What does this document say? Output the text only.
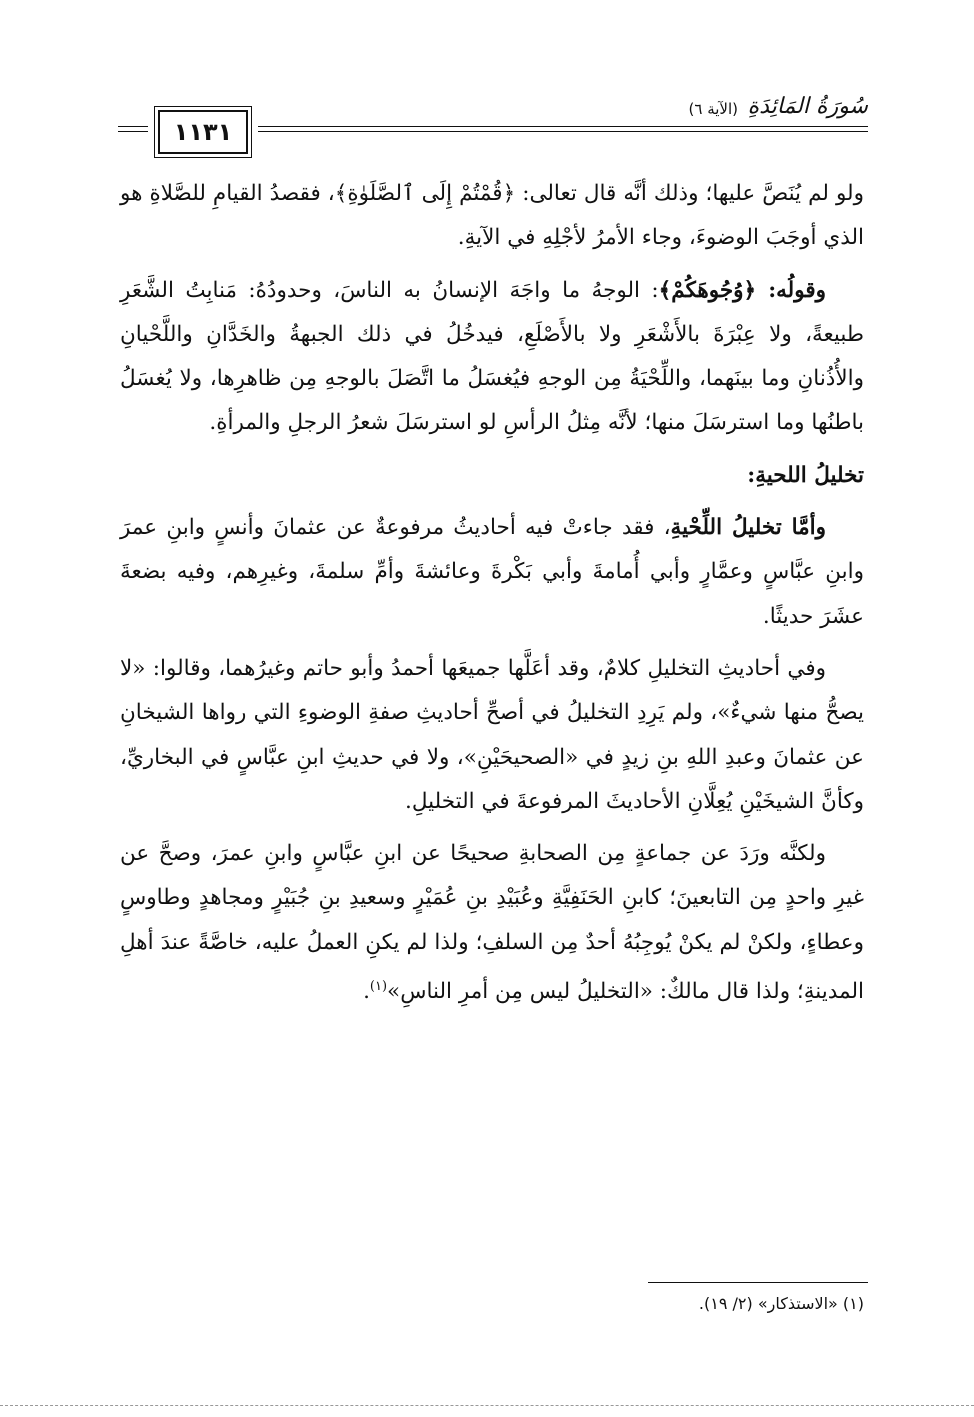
١١٣١
سُورَةُ المَائِدَةِ
(الآية ٦)

ولو لم يُنَصَّ عليها؛ وذلك أنَّه قال تعالى: ﴿قُمْتُمْ إِلَى ٱلصَّلَوٰةِ﴾، فقصدُ القيامِ للصَّلاةِ هو الذي أوجَبَ الوضوءَ، وجاء الأمرُ لأجْلِهِ في الآيةِ.

وقولُه: ﴿وُجُوهَكُمْ﴾: الوجهُ ما واجَهَ الإنسانُ به الناسَ، وحدودُهُ: مَنابِتُ الشَّعَرِ طبيعةً، ولا عِبْرَةَ بالأَشْعَرِ ولا بالأَصْلَعِ، فيدخُلُ في ذلك الجبهةُ والخَدَّانِ واللَّحْيانِ والأُذُنانِ وما بينَهما، واللِّحْيَةُ مِن الوجهِ فيُغسَلُ ما اتَّصَلَ بالوجهِ مِن ظاهرِها، ولا يُغسَلُ باطنُها وما استرسَلَ منها؛ لأنَّه مِثلُ الرأسِ لو استرسَلَ شعرُ الرجلِ والمرأةِ.

تخليلُ اللحيةِ:

وأمَّا تخليلُ اللِّحْيةِ، فقد جاءتْ فيه أحاديثُ مرفوعةٌ عن عثمانَ وأنسٍ وابنِ عمرَ وابنِ عبَّاسٍ وعمَّارٍ وأبي أُمامةَ وأبي بَكْرةَ وعائشةَ وأمِّ سلمةَ، وغيرِهم، وفيه بضعةَ عشَرَ حديثًا.

وفي أحاديثِ التخليلِ كلامٌ، وقد أعَلَّها جميعَها أحمدُ وأبو حاتم وغيرُهما، وقالوا: «لا يصحُّ منها شيءٌ»، ولم يَرِدِ التخليلُ في أصحِّ أحاديثِ صفةِ الوضوءِ التي رواها الشيخانِ عن عثمانَ وعبدِ اللهِ بنِ زيدٍ في «الصحيحَيْنِ»، ولا في حديثِ ابنِ عبَّاسٍ في البخاريِّ، وكأنَّ الشيخَيْنِ يُعِلَّانِ الأحاديثَ المرفوعةَ في التخليلِ.

ولكنَّه ورَدَ عن جماعةٍ مِن الصحابةِ صحيحًا عن ابنِ عبَّاسٍ وابنِ عمرَ، وصحَّ عن غيرِ واحدٍ مِن التابعينَ؛ كابنِ الحَنَفِيَّةِ وعُبَيْدِ بنِ عُمَيْرٍ وسعيدِ بنِ جُبَيْرٍ ومجاهدٍ وطاوسٍ وعطاءٍ، ولكنْ لم يكنْ يُوجِبُهُ أحدٌ مِن السلفِ؛ ولذا لم يكنِ العملُ عليه، خاصَّةً عندَ أهلِ المدينةِ؛ ولذا قال مالكٌ: «التخليلُ ليس مِن أمرِ الناسِ»$^{(١)}$.

(١) «الاستذكار» (٢/ ١٩).
